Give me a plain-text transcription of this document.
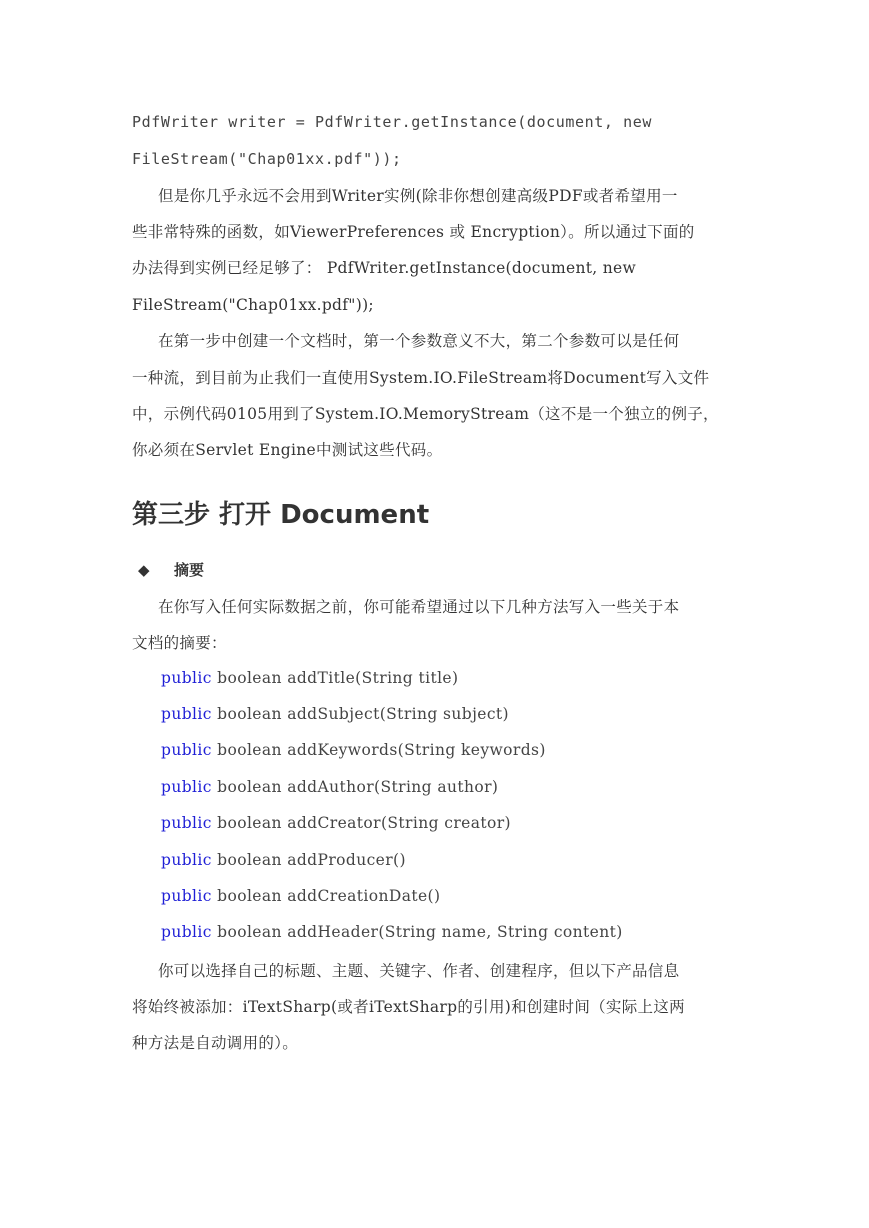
PdfWriter writer = PdfWriter.getInstance(document, new
FileStream("Chap01xx.pdf"));
但是你几乎永远不会用到Writer实例(除非你想创建高级PDF或者希望用一
些非常特殊的函数，如ViewerPreferences 或 Encryption）。所以通过下面的
办法得到实例已经足够了： PdfWriter.getInstance(document, new
FileStream("Chap01xx.pdf"));
在第一步中创建一个文档时，第一个参数意义不大，第二个参数可以是任何
一种流，到目前为止我们一直使用System.IO.FileStream将Document写入文件
中，示例代码0105用到了System.IO.MemoryStream（这不是一个独立的例子，
你必须在Servlet Engine中测试这些代码。
第三步 打开 Document
◆ 摘要
在你写入任何实际数据之前，你可能希望通过以下几种方法写入一些关于本
文档的摘要：
public boolean addTitle(String title)
public boolean addSubject(String subject)
public boolean addKeywords(String keywords)
public boolean addAuthor(String author)
public boolean addCreator(String creator)
public boolean addProducer()
public boolean addCreationDate()
public boolean addHeader(String name, String content)
你可以选择自己的标题、主题、关键字、作者、创建程序，但以下产品信息
将始终被添加：iTextSharp(或者iTextSharp的引用)和创建时间（实际上这两
种方法是自动调用的）。
